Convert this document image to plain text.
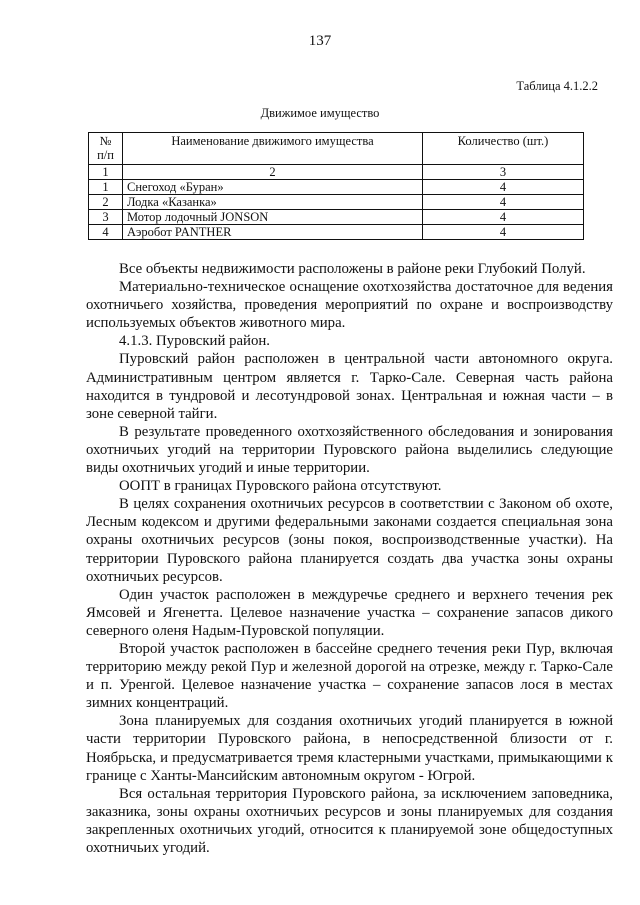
137
Таблица 4.1.2.2
Движимое имущество
№ п/п	Наименование движимого имущества	Количество (шт.)
1	2	3
1	Снегоход «Буран»	4
2	Лодка «Казанка»	4
3	Мотор лодочный JONSON	4
4	Аэробот PANTHER	4

Все объекты недвижимости расположены в районе реки Глубокий Полуй.

Материально-техническое оснащение охотхозяйства достаточное для ведения охотничьего хозяйства, проведения мероприятий по охране и воспроизводству используемых объектов животного мира.

4.1.3. Пуровский район.

Пуровский район расположен в центральной части автономного округа. Административным центром является г. Тарко-Сале. Северная часть района находится в тундровой и лесотундровой зонах. Центральная и южная части – в зоне северной тайги.

В результате проведенного охотхозяйственного обследования и зонирования охотничьих угодий на территории Пуровского района выделились следующие виды охотничьих угодий и иные территории.

ООПТ в границах Пуровского района отсутствуют.

В целях сохранения охотничьих ресурсов в соответствии с Законом об охоте, Лесным кодексом и другими федеральными законами создается специальная зона охраны охотничьих ресурсов (зоны покоя, воспроизводственные участки). На территории Пуровского района планируется создать два участка зоны охраны охотничьих ресурсов.

Один участок расположен в междуречье среднего и верхнего течения рек Ямсовей и Ягенетта. Целевое назначение участка – сохранение запасов дикого северного оленя Надым-Пуровской популяции.

Второй участок расположен в бассейне среднего течения реки Пур, включая территорию между рекой Пур и железной дорогой на отрезке, между г. Тарко-Сале и п. Уренгой. Целевое назначение участка – сохранение запасов лося в местах зимних концентраций.

Зона планируемых для создания охотничьих угодий планируется в южной части территории Пуровского района, в непосредственной близости от г. Ноябрьска, и предусматривается тремя кластерными участками, примыкающими к границе с Ханты-Мансийским автономным округом - Югрой.

Вся остальная территория Пуровского района, за исключением заповедника, заказника, зоны охраны охотничьих ресурсов и зоны планируемых для создания закрепленных охотничьих угодий, относится к планируемой зоне общедоступных охотничьих угодий.
